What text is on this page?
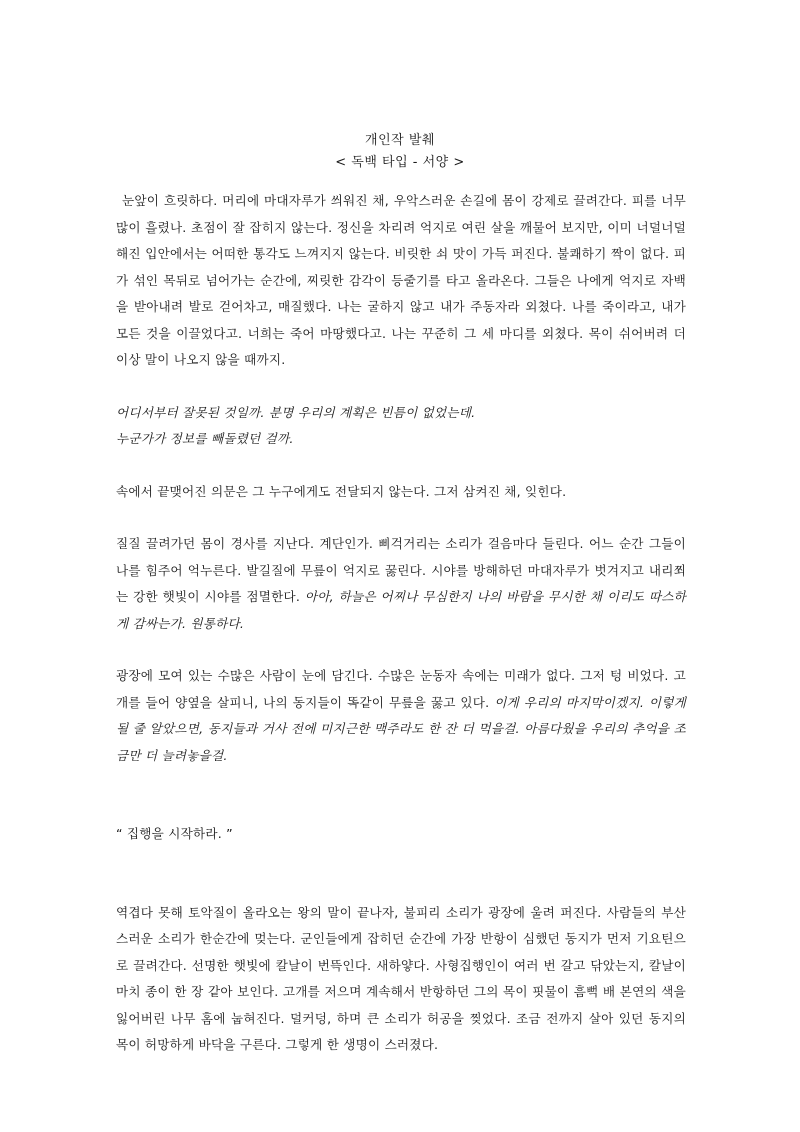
개인작 발췌
< 독백 타입 - 서양 >

눈앞이 흐릿하다. 머리에 마대자루가 씌워진 채, 우악스러운 손길에 몸이 강제로 끌려간다. 피를 너무 많이 흘렸나. 초점이 잘 잡히지 않는다. 정신을 차리려 억지로 여린 살을 깨물어 보지만, 이미 너덜너덜해진 입안에서는 어떠한 통각도 느껴지지 않는다. 비릿한 쇠 맛이 가득 퍼진다. 불쾌하기 짝이 없다. 피가 섞인 목뒤로 넘어가는 순간에, 찌릿한 감각이 등줄기를 타고 올라온다. 그들은 나에게 억지로 자백을 받아내려 발로 걷어차고, 매질했다. 나는 굴하지 않고 내가 주동자라 외쳤다. 나를 죽이라고, 내가 모든 것을 이끌었다고. 너희는 죽어 마땅했다고. 나는 꾸준히 그 세 마디를 외쳤다. 목이 쉬어버려 더 이상 말이 나오지 않을 때까지.

어디서부터 잘못된 것일까. 분명 우리의 계획은 빈틈이 없었는데.

누군가가 정보를 빼돌렸던 걸까.

속에서 끝맺어진 의문은 그 누구에게도 전달되지 않는다. 그저 삼켜진 채, 잊힌다.

질질 끌려가던 몸이 경사를 지난다. 계단인가. 삐걱거리는 소리가 걸음마다 들린다. 어느 순간 그들이 나를 힘주어 억누른다. 발길질에 무릎이 억지로 꿇린다. 시야를 방해하던 마대자루가 벗겨지고 내리쬐는 강한 햇빛이 시야를 점멸한다. 아아, 하늘은 어찌나 무심한지 나의 바람을 무시한 채 이리도 따스하게 감싸는가. 원통하다.

광장에 모여 있는 수많은 사람이 눈에 담긴다. 수많은 눈동자 속에는 미래가 없다. 그저 텅 비었다. 고개를 들어 양옆을 살피니, 나의 동지들이 똑같이 무릎을 꿇고 있다. 이게 우리의 마지막이겠지. 이렇게 될 줄 알았으면, 동지들과 거사 전에 미지근한 맥주라도 한 잔 더 먹을걸. 아름다웠을 우리의 추억을 조금만 더 늘려놓을걸.

“ 집행을 시작하라. ”

역겹다 못해 토악질이 올라오는 왕의 말이 끝나자, 불피리 소리가 광장에 울려 퍼진다. 사람들의 부산스러운 소리가 한순간에 멎는다. 군인들에게 잡히던 순간에 가장 반항이 심했던 동지가 먼저 기요틴으로 끌려간다. 선명한 햇빛에 칼날이 번뜩인다. 새하얗다. 사형집행인이 여러 번 갈고 닦았는지, 칼날이 마치 종이 한 장 같아 보인다. 고개를 저으며 계속해서 반항하던 그의 목이 핏물이 흠뻑 배 본연의 색을 잃어버린 나무 홈에 눕혀진다. 덜커덩, 하며 큰 소리가 허공을 찢었다. 조금 전까지 살아 있던 동지의 목이 허망하게 바닥을 구른다. 그렇게 한 생명이 스러졌다.
